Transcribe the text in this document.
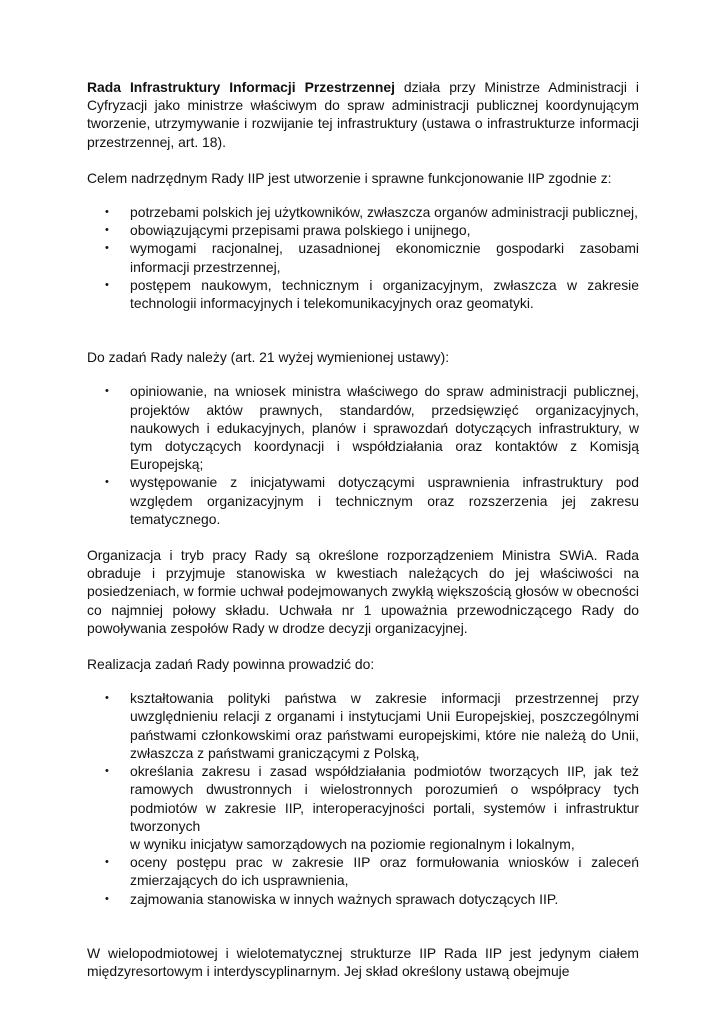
Rada Infrastruktury Informacji Przestrzennej działa przy Ministrze Administracji i Cyfryzacji jako ministrze właściwym do spraw administracji publicznej koordynującym tworzenie, utrzymywanie i rozwijanie tej infrastruktury (ustawa o infrastrukturze informacji przestrzennej, art. 18).

Celem nadrzędnym Rady IIP jest utworzenie i sprawne funkcjonowanie IIP zgodnie z:

• potrzebami polskich jej użytkowników, zwłaszcza organów administracji publicznej,
• obowiązującymi przepisami prawa polskiego i unijnego,
• wymogami racjonalnej, uzasadnionej ekonomicznie gospodarki zasobami informacji przestrzennej,
• postępem naukowym, technicznym i organizacyjnym, zwłaszcza w zakresie technologii informacyjnych i telekomunikacyjnych oraz geomatyki.

Do zadań Rady należy (art. 21 wyżej wymienionej ustawy):

• opiniowanie, na wniosek ministra właściwego do spraw administracji publicznej, projektów aktów prawnych, standardów, przedsięwzięć organizacyjnych, naukowych i edukacyjnych, planów i sprawozdań dotyczących infrastruktury, w tym dotyczących koordynacji i współdziałania oraz kontaktów z Komisją Europejską;
• występowanie z inicjatywami dotyczącymi usprawnienia infrastruktury pod względem organizacyjnym i technicznym oraz rozszerzenia jej zakresu tematycznego.

Organizacja i tryb pracy Rady są określone rozporządzeniem Ministra SWiA. Rada obraduje i przyjmuje stanowiska w kwestiach należących do jej właściwości na posiedzeniach, w formie uchwał podejmowanych zwykłą większością głosów w obecności co najmniej połowy składu. Uchwała nr 1 upoważnia przewodniczącego Rady do powoływania zespołów Rady w drodze decyzji organizacyjnej.

Realizacja zadań Rady powinna prowadzić do:

• kształtowania polityki państwa w zakresie informacji przestrzennej przy uwzględnieniu relacji z organami i instytucjami Unii Europejskiej, poszczególnymi państwami członkowskimi oraz państwami europejskimi, które nie należą do Unii, zwłaszcza z państwami graniczącymi z Polską,
• określania zakresu i zasad współdziałania podmiotów tworzących IIP, jak też ramowych dwustronnych i wielostronnych porozumień o współpracy tych podmiotów w zakresie IIP, interoperacyjności portali, systemów i infrastruktur tworzonych
w wyniku inicjatyw samorządowych na poziomie regionalnym i lokalnym,
• oceny postępu prac w zakresie IIP oraz formułowania wniosków i zaleceń zmierzających do ich usprawnienia,
• zajmowania stanowiska w innych ważnych sprawach dotyczących IIP.

W wielopodmiotowej i wielotematycznej strukturze IIP Rada IIP jest jedynym ciałem międzyresortowym i interdyscyplinarnym. Jej skład określony ustawą obejmuje
